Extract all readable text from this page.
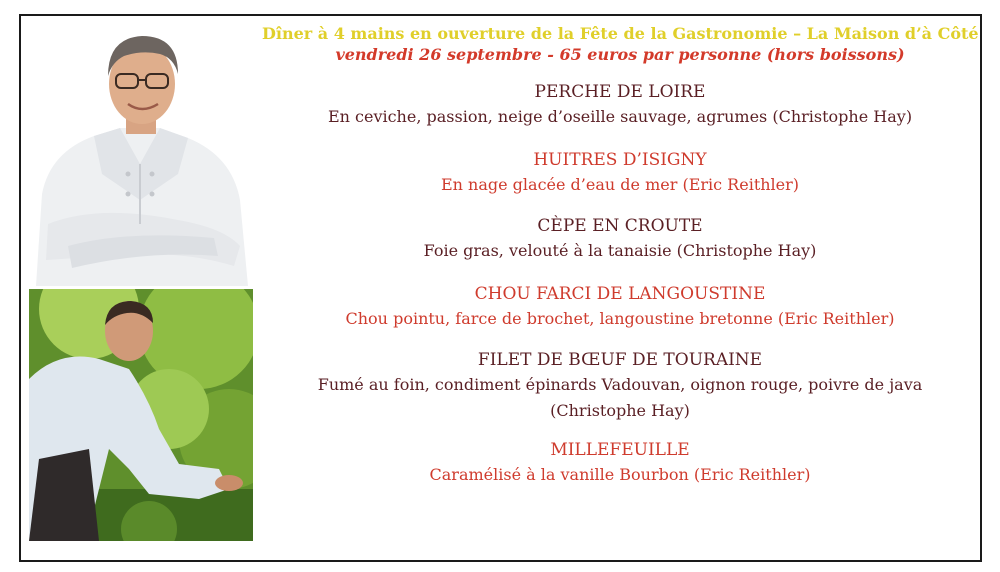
Dîner à 4 mains en ouverture de la Fête de la Gastronomie – La Maison d’à Côté

vendredi 26 septembre - 65 euros par personne (hors boissons)

PERCHE DE LOIRE

En ceviche, passion, neige d’oseille sauvage, agrumes (Christophe Hay)

HUITRES D’ISIGNY

En nage glacée d’eau de mer (Eric Reithler)

CÈPE EN CROUTE

Foie gras, velouté à la tanaisie (Christophe Hay)

CHOU FARCI DE LANGOUSTINE

Chou pointu, farce de brochet, langoustine bretonne (Eric Reithler)

FILET DE BŒUF DE TOURAINE

Fumé au foin, condiment épinards Vadouvan, oignon rouge, poivre de java

(Christophe Hay)

MILLEFEUILLE

Caramélisé à la vanille Bourbon (Eric Reithler)
